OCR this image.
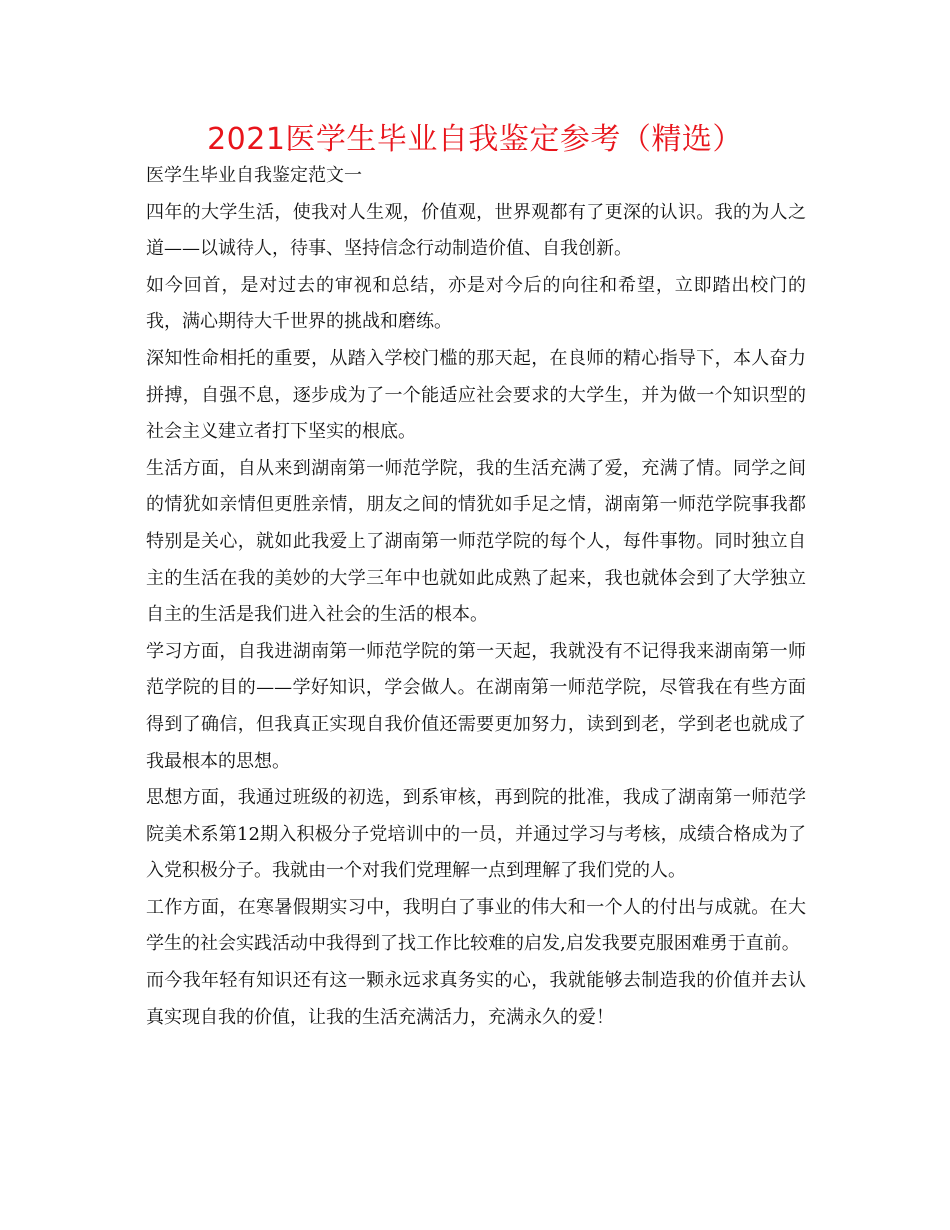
2021医学生毕业自我鉴定参考（精选）

医学生毕业自我鉴定范文一

四年的大学生活，使我对人生观，价值观，世界观都有了更深的认识。我的为人之道——以诚待人，待事、坚持信念行动制造价值、自我创新。

如今回首，是对过去的审视和总结，亦是对今后的向往和希望，立即踏出校门的我，满心期待大千世界的挑战和磨练。

深知性命相托的重要，从踏入学校门槛的那天起，在良师的精心指导下，本人奋力拼搏，自强不息，逐步成为了一个能适应社会要求的大学生，并为做一个知识型的社会主义建立者打下坚实的根底。

生活方面，自从来到湖南第一师范学院，我的生活充满了爱，充满了情。同学之间的情犹如亲情但更胜亲情，朋友之间的情犹如手足之情，湖南第一师范学院事我都特别是关心，就如此我爱上了湖南第一师范学院的每个人，每件事物。同时独立自主的生活在我的美妙的大学三年中也就如此成熟了起来，我也就体会到了大学独立自主的生活是我们进入社会的生活的根本。

学习方面，自我进湖南第一师范学院的第一天起，我就没有不记得我来湖南第一师范学院的目的——学好知识，学会做人。在湖南第一师范学院，尽管我在有些方面得到了确信，但我真正实现自我价值还需要更加努力，读到到老，学到老也就成了我最根本的思想。

思想方面，我通过班级的初选，到系审核，再到院的批准，我成了湖南第一师范学院美术系第12期入积极分子党培训中的一员，并通过学习与考核，成绩合格成为了入党积极分子。我就由一个对我们党理解一点到理解了我们党的人。

工作方面，在寒暑假期实习中，我明白了事业的伟大和一个人的付出与成就。在大学生的社会实践活动中我得到了找工作比较难的启发,启发我要克服困难勇于直前。

而今我年轻有知识还有这一颗永远求真务实的心，我就能够去制造我的价值并去认真实现自我的价值，让我的生活充满活力，充满永久的爱！
